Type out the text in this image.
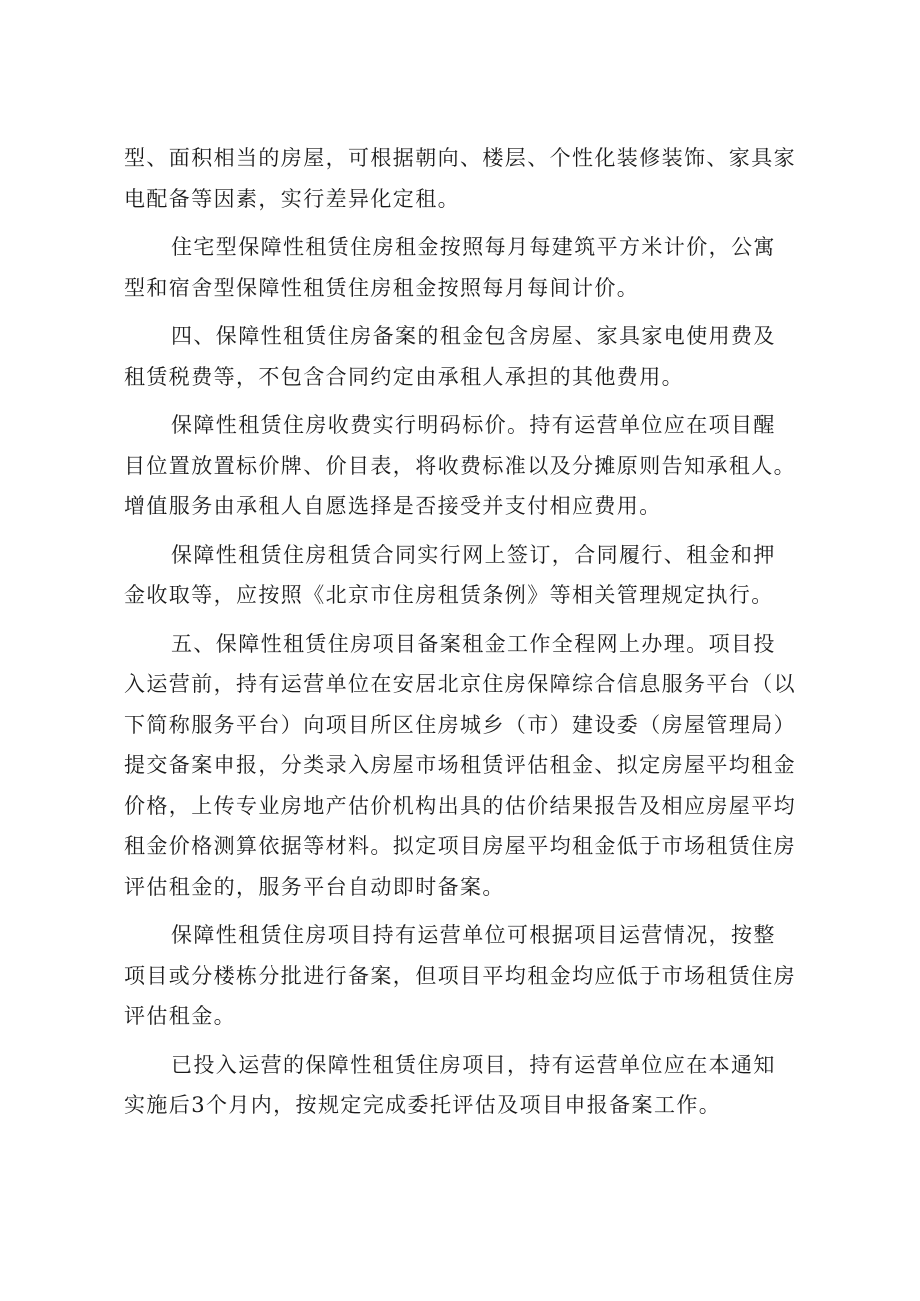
型、面积相当的房屋，可根据朝向、楼层、个性化装修装饰、家具家
电配备等因素，实行差异化定租。
住宅型保障性租赁住房租金按照每月每建筑平方米计价，公寓
型和宿舍型保障性租赁住房租金按照每月每间计价。
四、保障性租赁住房备案的租金包含房屋、家具家电使用费及
租赁税费等，不包含合同约定由承租人承担的其他费用。
保障性租赁住房收费实行明码标价。持有运营单位应在项目醒
目位置放置标价牌、价目表，将收费标准以及分摊原则告知承租人。
增值服务由承租人自愿选择是否接受并支付相应费用。
保障性租赁住房租赁合同实行网上签订，合同履行、租金和押
金收取等，应按照《北京市住房租赁条例》等相关管理规定执行。
五、保障性租赁住房项目备案租金工作全程网上办理。项目投
入运营前，持有运营单位在安居北京住房保障综合信息服务平台（以
下简称服务平台）向项目所区住房城乡（市）建设委（房屋管理局）
提交备案申报，分类录入房屋市场租赁评估租金、拟定房屋平均租金
价格，上传专业房地产估价机构出具的估价结果报告及相应房屋平均
租金价格测算依据等材料。拟定项目房屋平均租金低于市场租赁住房
评估租金的，服务平台自动即时备案。
保障性租赁住房项目持有运营单位可根据项目运营情况，按整
项目或分楼栋分批进行备案，但项目平均租金均应低于市场租赁住房
评估租金。
已投入运营的保障性租赁住房项目，持有运营单位应在本通知
实施后3个月内，按规定完成委托评估及项目申报备案工作。
